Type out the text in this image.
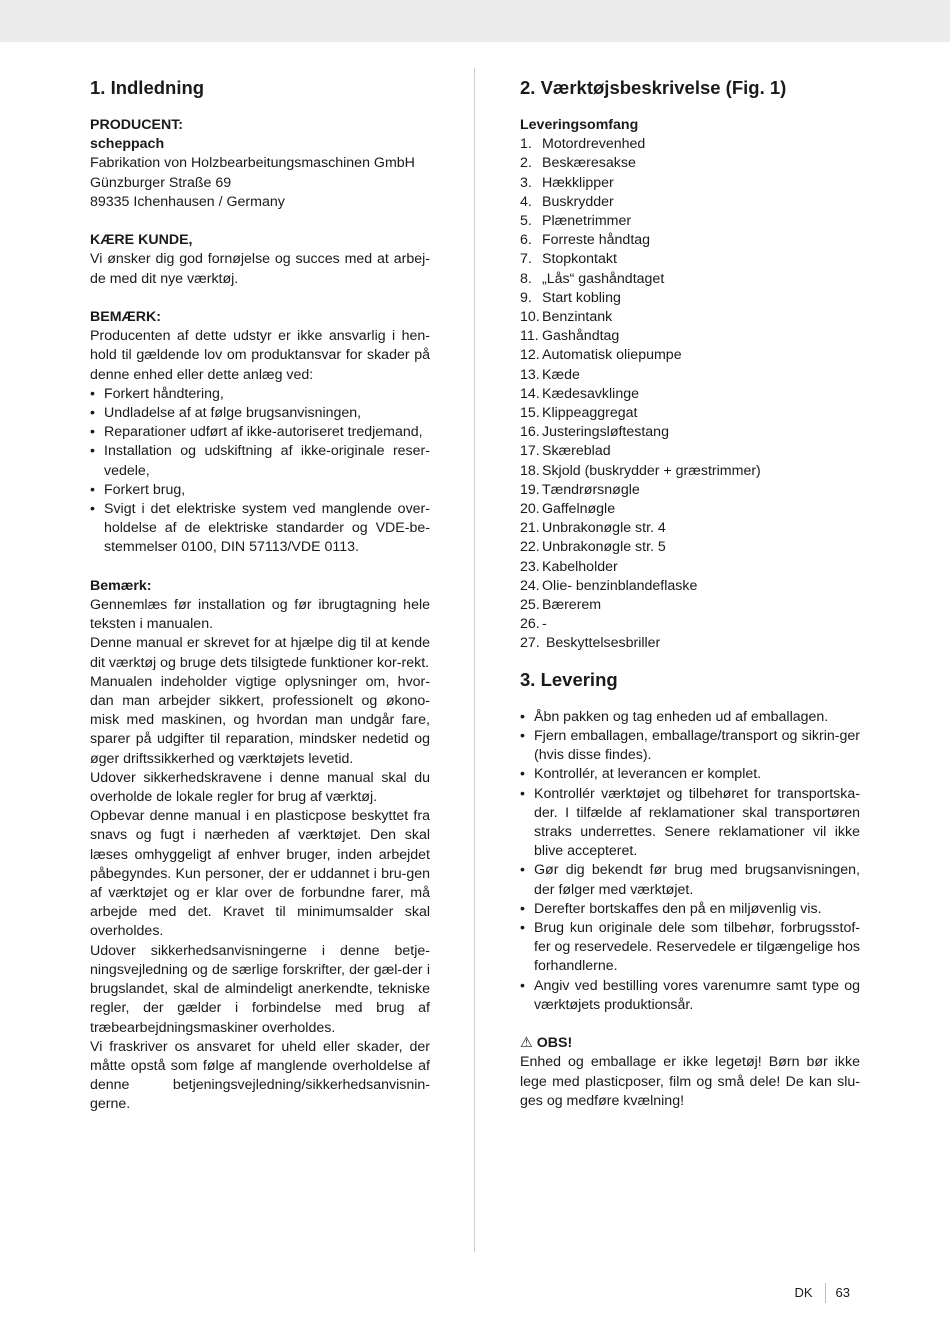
1. Indledning
PRODUCENT:
scheppach
Fabrikation von Holzbearbeitungsmaschinen GmbH
Günzburger Straße 69
89335 Ichenhausen / Germany
KÆRE KUNDE,

Vi ønsker dig god fornøjelse og succes med at arbej-de med dit nye værktøj.

BEMÆRK:

Producenten af dette udstyr er ikke ansvarlig i hen-hold til gældende lov om produktansvar for skader på denne enhed eller dette anlæg ved:

• Forkert håndtering,
• Undladelse af at følge brugsanvisningen,
• Reparationer udført af ikke-autoriseret tredjemand,
• Installation og udskiftning af ikke-originale reser-vedele,
• Forkert brug,
• Svigt i det elektriske system ved manglende over-holdelse af de elektriske standarder og VDE-be-stemmelser 0100, DIN 57113/VDE 0113.
Bemærk:

Gennemlæs før installation og før ibrugtagning hele teksten i manualen.

Denne manual er skrevet for at hjælpe dig til at kende dit værktøj og bruge dets tilsigtede funktioner kor-rekt.

Manualen indeholder vigtige oplysninger om, hvor-dan man arbejder sikkert, professionelt og økono-misk med maskinen, og hvordan man undgår fare, sparer på udgifter til reparation, mindsker nedetid og øger driftssikkerhed og værktøjets levetid.

Udover sikkerhedskravene i denne manual skal du overholde de lokale regler for brug af værktøj.

Opbevar denne manual i en plasticpose beskyttet fra snavs og fugt i nærheden af værktøjet. Den skal læses omhyggeligt af enhver bruger, inden arbejdet påbegyndes. Kun personer, der er uddannet i bru-gen af værktøjet og er klar over de forbundne farer, må arbejde med det. Kravet til minimumsalder skal overholdes.

Udover sikkerhedsanvisningerne i denne betje-ningsvejledning og de særlige forskrifter, der gæl-der i brugslandet, skal de almindeligt anerkendte, tekniske regler, der gælder i forbindelse med brug af træbearbejdningsmaskiner overholdes.

Vi fraskriver os ansvaret for uheld eller skader, der måtte opstå som følge af manglende overholdelse af denne betjeningsvejledning/sikkerhedsanvisnin-gerne.

2. Værktøjsbeskrivelse (Fig. 1)
Leveringsomfang
1. Motordrevenhed
2. Beskæresakse
3. Hækklipper
4. Buskrydder
5. Plænetrimmer
6. Forreste håndtag
7. Stopkontakt
8. „Lås“ gashåndtaget
9. Start kobling
10. Benzintank
11. Gashåndtag
12. Automatisk oliepumpe
13. Kæde
14. Kædesavklinge
15. Klippeaggregat
16. Justeringsløftestang
17. Skæreblad
18. Skjold (buskrydder + græstrimmer)
19. Tændrørsnøgle
20. Gaffelnøgle
21. Unbrakonøgle str. 4
22. Unbrakonøgle str. 5
23. Kabelholder
24. Olie- benzinblandeflaske
25. Bærerem
26. -
27. Beskyttelsesbriller
3. Levering
• Åbn pakken og tag enheden ud af emballagen.
• Fjern emballagen, emballage/transport og sikrin-ger (hvis disse findes).
• Kontrollér, at leverancen er komplet.
• Kontrollér værktøjet og tilbehøret for transportska-der. I tilfælde af reklamationer skal transportøren straks underrettes. Senere reklamationer vil ikke blive accepteret.
• Gør dig bekendt før brug med brugsanvisningen, der følger med værktøjet.
• Derefter bortskaffes den på en miljøvenlig vis.
• Brug kun originale dele som tilbehør, forbrugsstof-fer og reservedele. Reservedele er tilgængelige hos forhandlerne.
• Angiv ved bestilling vores varenumre samt type og værktøjets produktionsår.
⚠ OBS!

Enhed og emballage er ikke legetøj! Børn bør ikke lege med plasticposer, film og små dele! De kan slu-ges og medføre kvælning!

DK	63
